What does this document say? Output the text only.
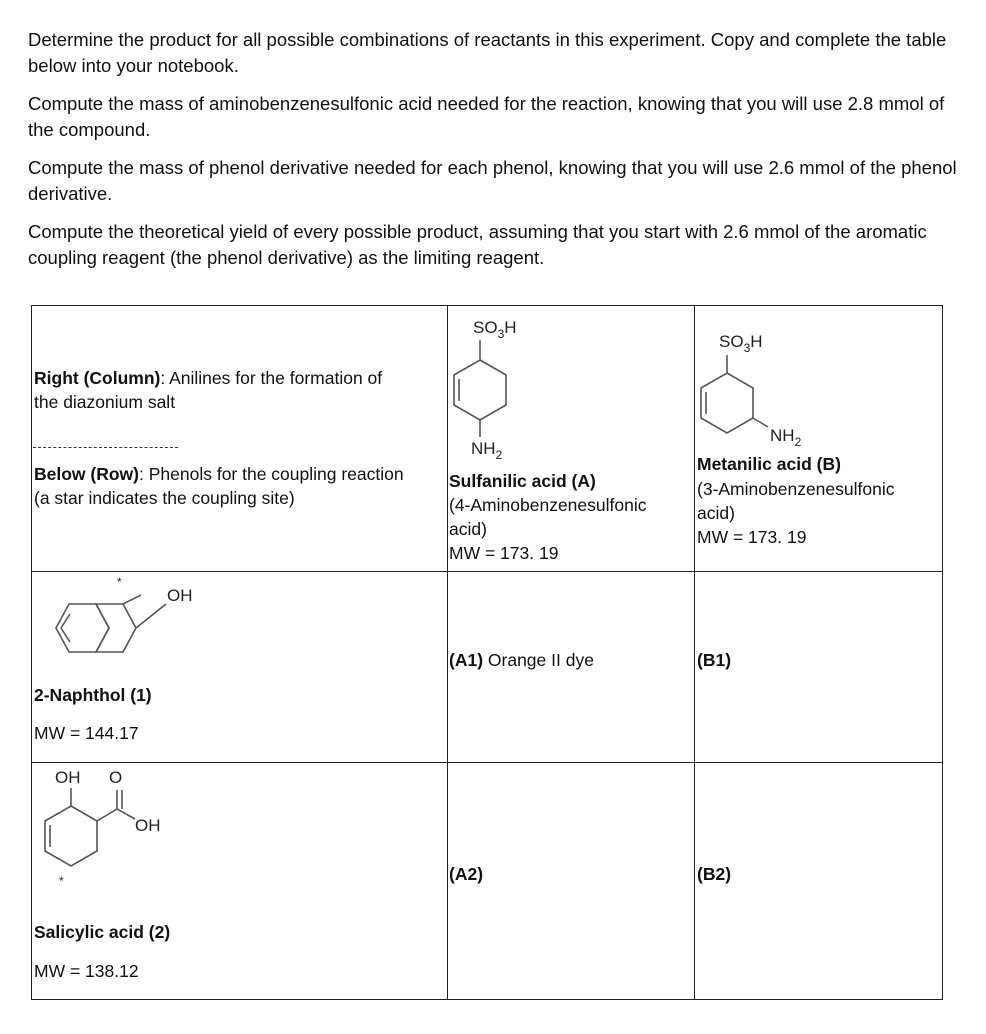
Determine the product for all possible combinations of reactants in this experiment. Copy and complete the table below into your notebook.

Compute the mass of aminobenzenesulfonic acid needed for the reaction, knowing that you will use 2.8 mmol of the compound.

Compute the mass of phenol derivative needed for each phenol, knowing that you will use 2.6 mmol of the phenol derivative.

Compute the theoretical yield of every possible product, assuming that you start with 2.6 mmol of the aromatic coupling reagent (the phenol derivative) as the limiting reagent.

Right (Column): Anilines for the formation of
the diazonium salt
Below (Row): Phenols for the coupling reaction
(a star indicates the coupling site)
$SO_3H$
$NH_2$
Sulfanilic acid (A)
(4-Aminobenzenesulfonic
acid)
MW = 173. 19
$SO_3H$
$NH_2$
Metanilic acid (B)
(3-Aminobenzenesulfonic
acid)
MW = 173. 19
*
OH
2-Naphthol (1)
MW = 144.17
(A1) Orange II dye	(B1)
OH O
OH
*
Salicylic acid (2)
MW = 138.12
(A2)	(B2)
